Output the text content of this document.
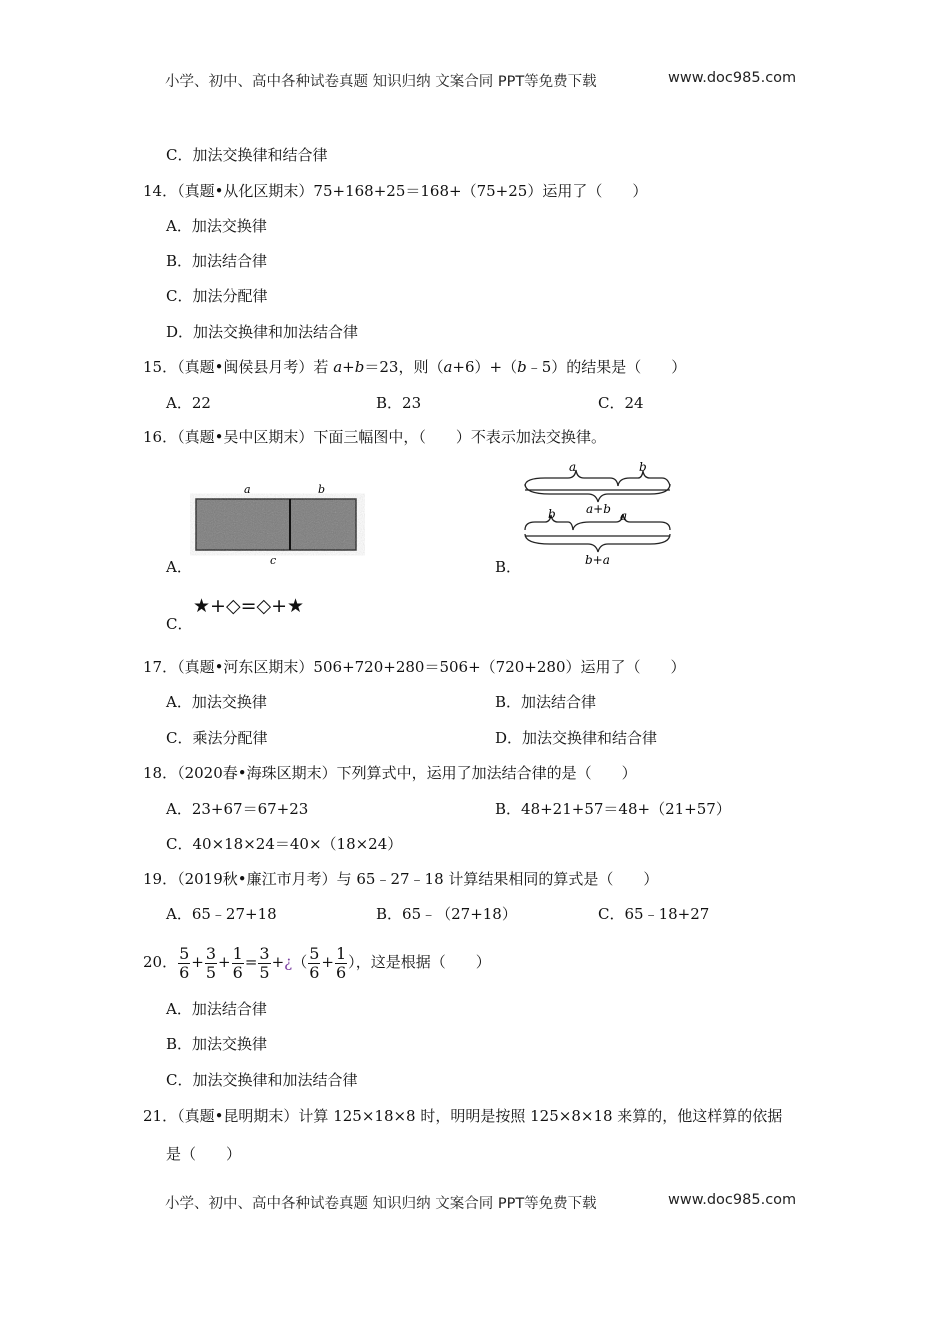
小学、初中、高中各种试卷真题 知识归纳 文案合同 PPT等免费下载	www.doc985.com
C．加法交换律和结合律
14．（真题•从化区期末）75+168+25＝168+（75+25）运用了（　　）
A．加法交换律
B．加法结合律
C．加法分配律
D．加法交换律和加法结合律
15．（真题•闽侯县月考）若 a+b＝23，则（a+6）+（b﹣5）的结果是（　　）
A．22	B．23	C．24
16．（真题•吴中区期末）下面三幅图中，（　　）不表示加法交换律。
a	b
c
A．
a	b
a+b
b	a
b+a
B．
★+◇=◇+★
C．
17．（真题•河东区期末）506+720+280＝506+（720+280）运用了（　　）
A．加法交换律	B．加法结合律
C．乘法分配律	D．加法交换律和结合律
18．（2020春•海珠区期末）下列算式中，运用了加法结合律的是（　　）
A．23+67＝67+23	B．48+21+57＝48+（21+57）
C．40×18×24＝40×（18×24）
19．（2019秋•廉江市月考）与 65﹣27﹣18 计算结果相同的算式是（　　）
A．65﹣27+18	B．65﹣（27+18）	C．65﹣18+27
20． $\frac{5}{6} + \frac{3}{5} + \frac{1}{6} = \frac{3}{5}$ +¿（ $\frac{5}{6} + \frac{1}{6}$ ），这是根据（　　）
A．加法结合律
B．加法交换律
C．加法交换律和加法结合律
21．（真题•昆明期末）计算 125×18×8 时，明明是按照 125×8×18 来算的，他这样算的依据
是（　　）
小学、初中、高中各种试卷真题 知识归纳 文案合同 PPT等免费下载	www.doc985.com
